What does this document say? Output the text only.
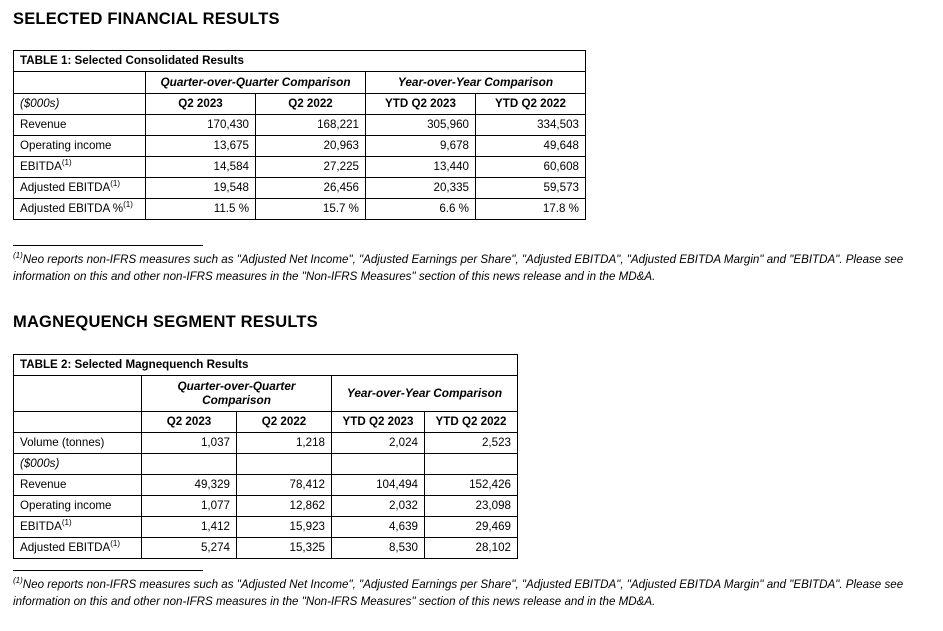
SELECTED FINANCIAL RESULTS
TABLE 1: Selected Consolidated Results				

	Quarter-over-Quarter Comparison		Year-over-Year Comparison	

($000s)	Q2 2023	Q2 2022	YTD Q2 2023	YTD Q2 2022

Revenue	170,430	168,221	305,960	334,503

Operating income	13,675	20,963	9,678	49,648

EBITDA$^{(1)}$	14,584	27,225	13,440	60,608

Adjusted EBITDA$^{(1)}$	19,548	26,456	20,335	59,573

Adjusted EBITDA %$^{(1)}$	11.5 %	15.7 %	6.6 %	17.8 %
$^{(1)}$Neo reports non-IFRS measures such as "Adjusted Net Income", "Adjusted Earnings per Share", "Adjusted EBITDA", "Adjusted EBITDA Margin" and "EBITDA". Please see information on this and other non-IFRS measures in the "Non-IFRS Measures" section of this news release and in the MD&A.
MAGNEQUENCH SEGMENT RESULTS
TABLE 2: Selected Magnequench Results				

	Quarter-over-Quarter Comparison		Year-over-Year Comparison	

	Q2 2023	Q2 2022	YTD Q2 2023	YTD Q2 2022

Volume (tonnes)	1,037	1,218	2,024	2,523

($000s)				

Revenue	49,329	78,412	104,494	152,426

Operating income	1,077	12,862	2,032	23,098

EBITDA$^{(1)}$	1,412	15,923	4,639	29,469

Adjusted EBITDA$^{(1)}$	5,274	15,325	8,530	28,102
$^{(1)}$Neo reports non-IFRS measures such as "Adjusted Net Income", "Adjusted Earnings per Share", "Adjusted EBITDA", "Adjusted EBITDA Margin" and "EBITDA". Please see information on this and other non-IFRS measures in the "Non-IFRS Measures" section of this news release and in the MD&A.
